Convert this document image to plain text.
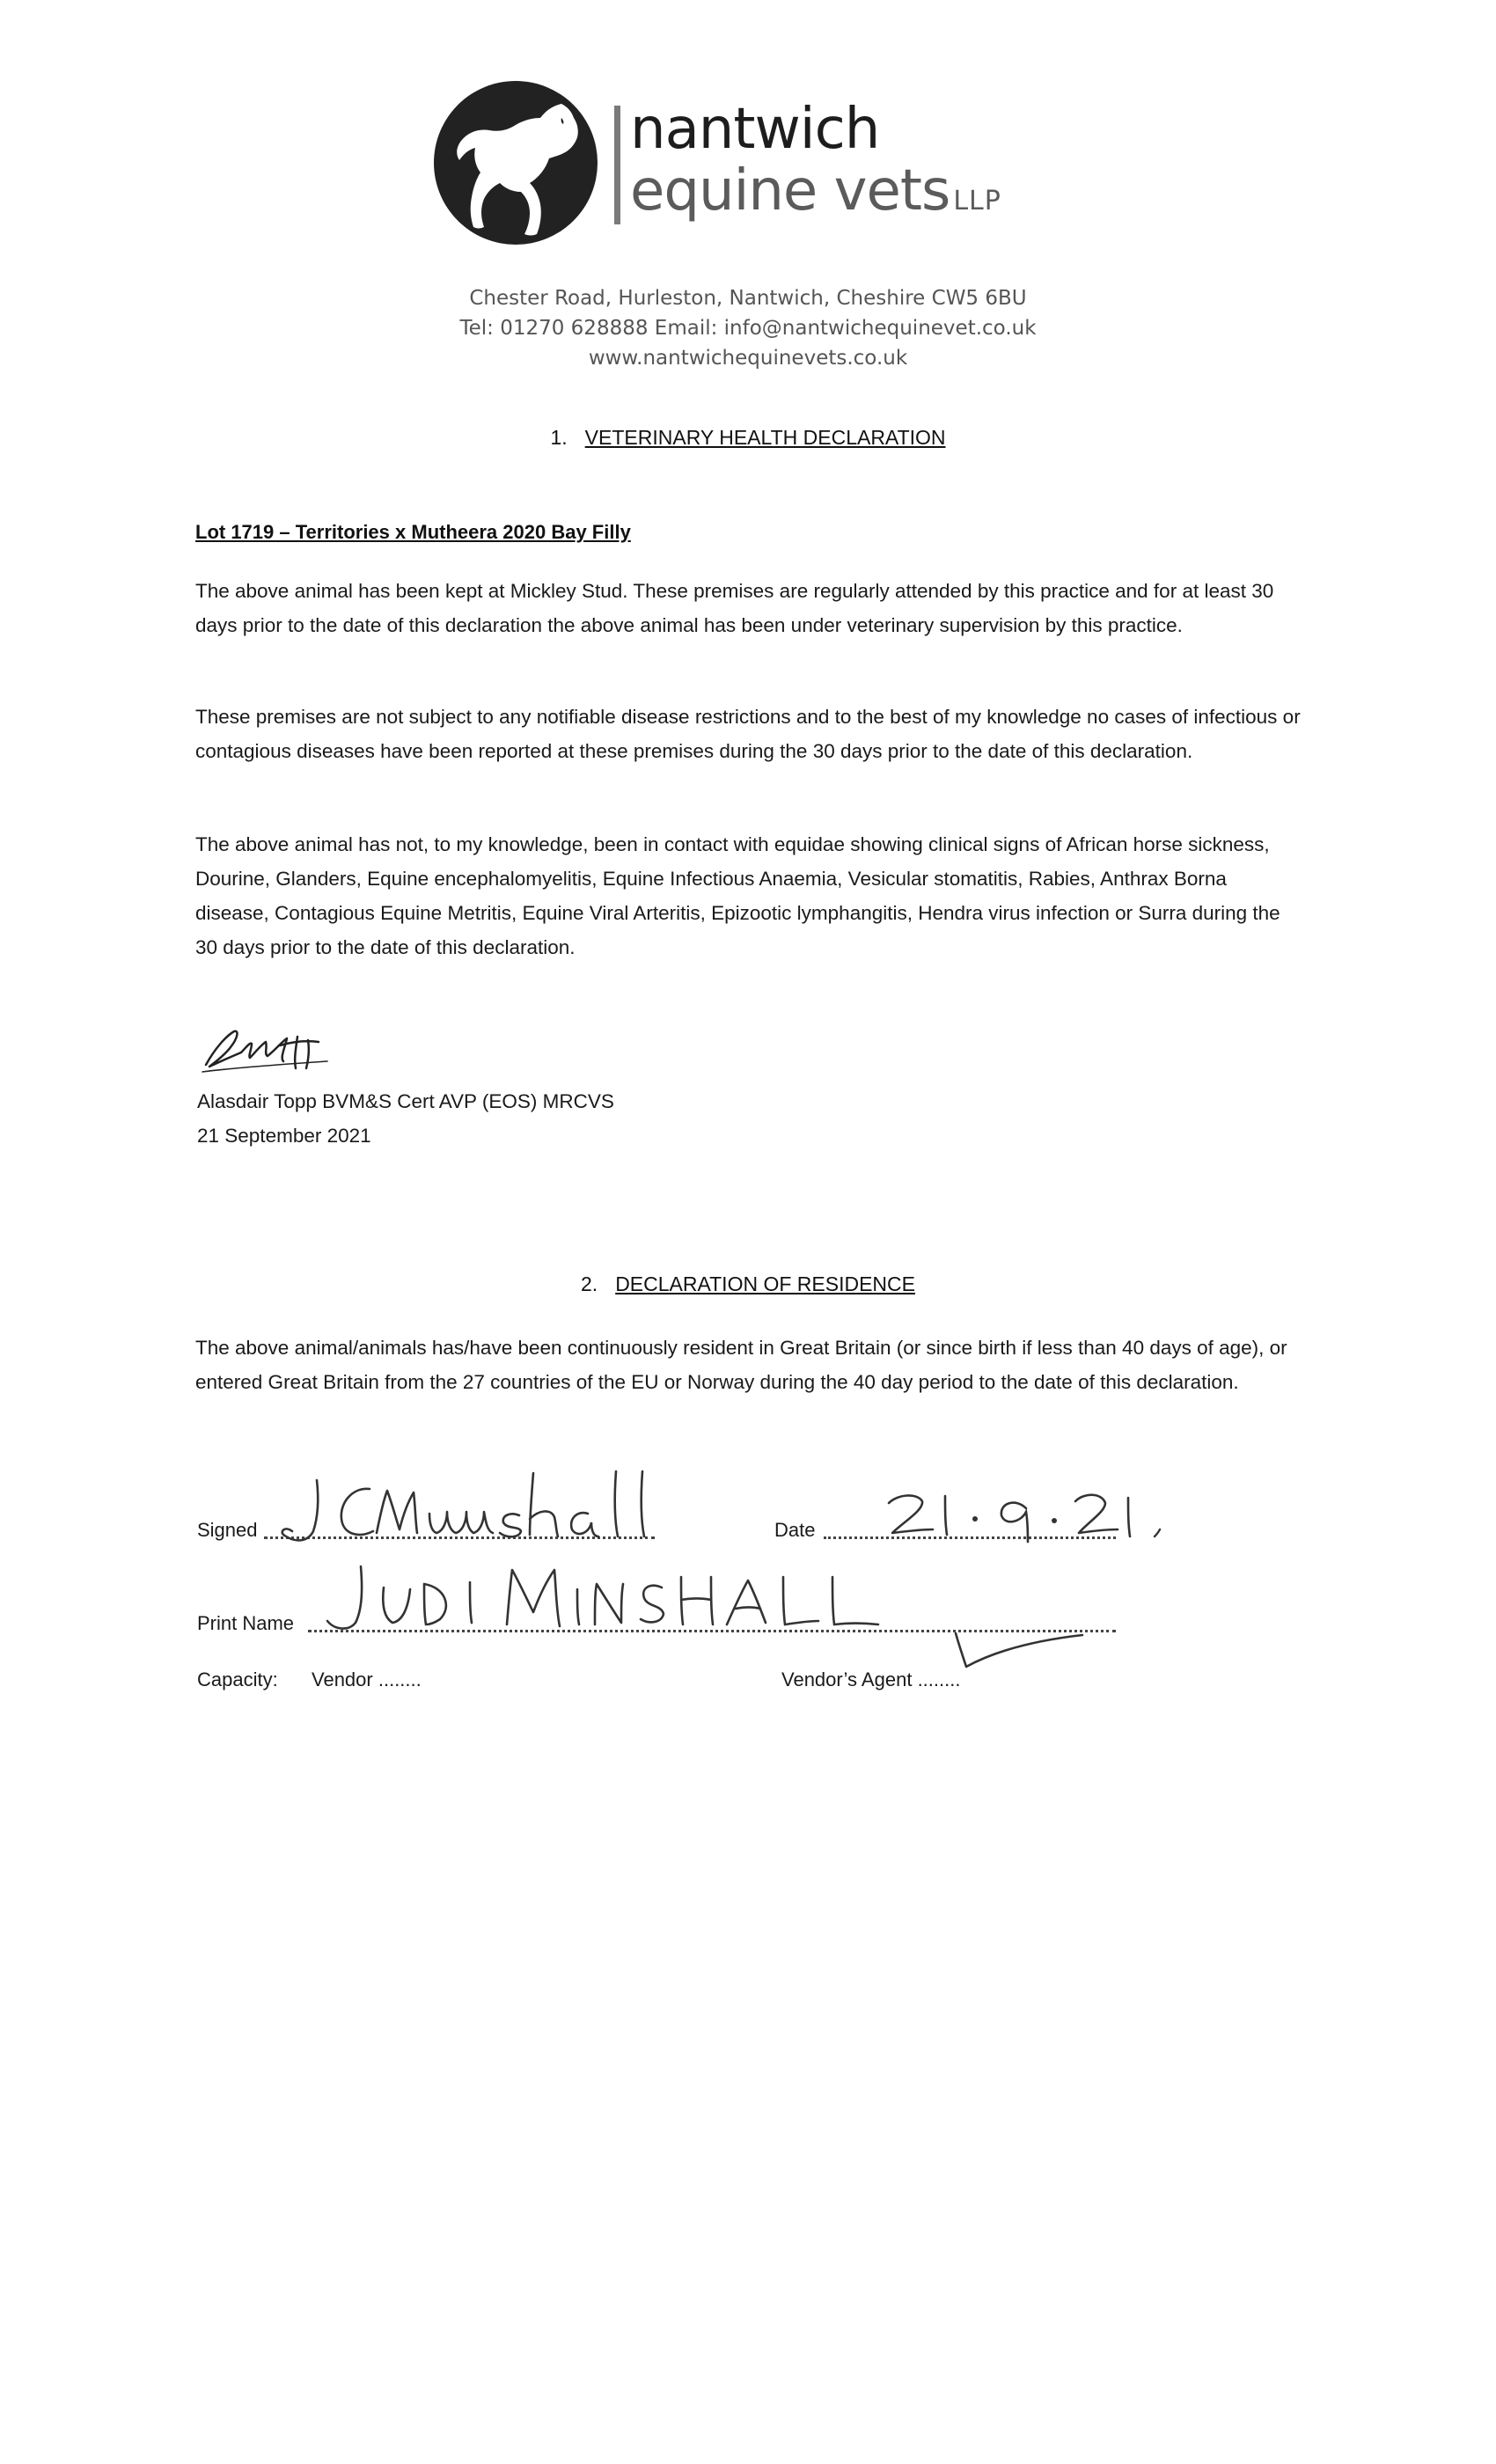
nantwich
equine vets LLP
Chester Road, Hurleston, Nantwich, Cheshire CW5 6BU
Tel: 01270 628888 Email: info@nantwichequinevet.co.uk
www.nantwichequinevets.co.uk
1. VETERINARY HEALTH DECLARATION
Lot 1719 – Territories x Mutheera 2020 Bay Filly

The above animal has been kept at Mickley Stud. These premises are regularly attended by this practice and for at least 30 days prior to the date of this declaration the above animal has been under veterinary supervision by this practice.

These premises are not subject to any notifiable disease restrictions and to the best of my knowledge no cases of infectious or contagious diseases have been reported at these premises during the 30 days prior to the date of this declaration.

The above animal has not, to my knowledge, been in contact with equidae showing clinical signs of African horse sickness, Dourine, Glanders, Equine encephalomyelitis, Equine Infectious Anaemia, Vesicular stomatitis, Rabies, Anthrax Borna disease, Contagious Equine Metritis, Equine Viral Arteritis, Epizootic lymphangitis, Hendra virus infection or Surra during the 30 days prior to the date of this declaration.

Alasdair Topp BVM&S Cert AVP (EOS) MRCVS
21 September 2021
2. DECLARATION OF RESIDENCE

The above animal/animals has/have been continuously resident in Great Britain (or since birth if less than 40 days of age), or entered Great Britain from the 27 countries of the EU or Norway during the 40 day period to the date of this declaration.

Signed	Date
Print Name
Capacity: Vendor ........	Vendor’s Agent ........
